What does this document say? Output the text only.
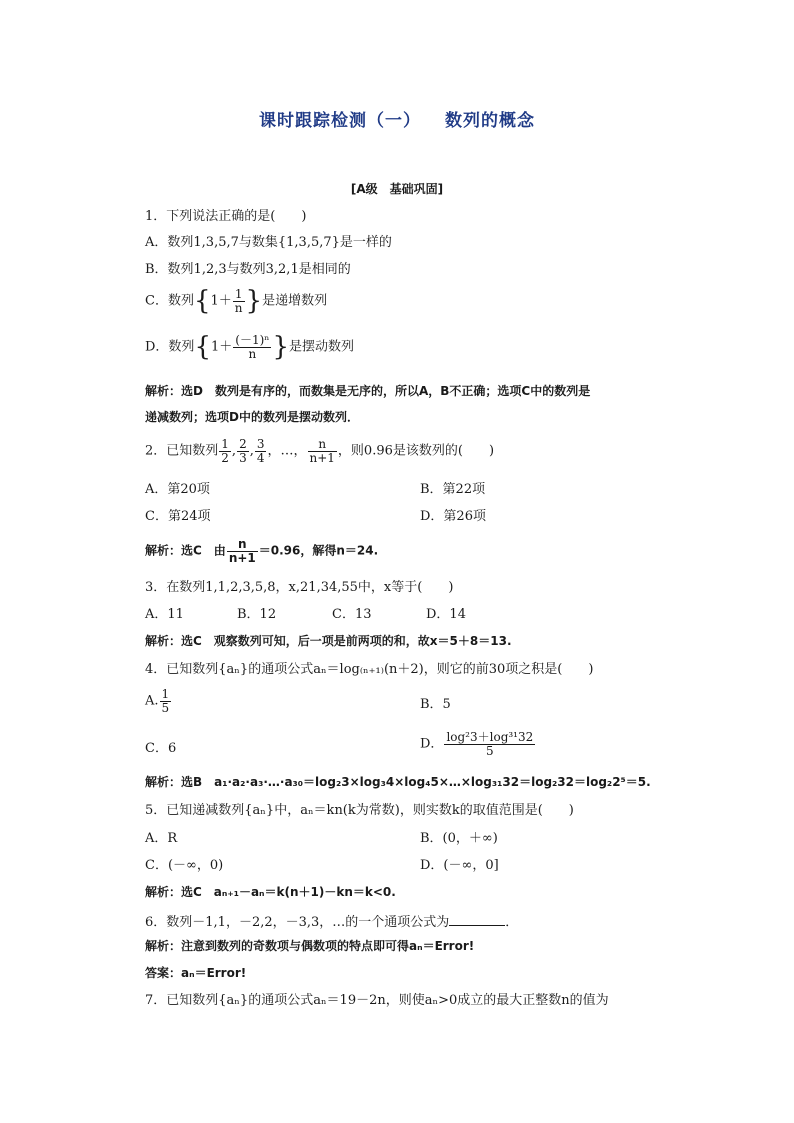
课时跟踪检测（一） 数列的概念
[A级　基础巩固]
1．下列说法正确的是(　　)
A．数列1,3,5,7与数集{1,3,5,7}是一样的
B．数列1,2,3与数列3,2,1是相同的
C．数列{$1+ \frac{1}{n}$ }是递增数列
D．数列{$1+ \frac{\text{(－1)ⁿ}}{n}$ }是摆动数列
解析：选D　数列是有序的，而数集是无序的，所以A，B不正确；选项C中的数列是
递减数列；选项D中的数列是摆动数列．
2．已知数列 $\frac{1}{2}$ , $\frac{2}{3}$ , $\frac{3}{4}$ ，…， $\frac{n}{n+1}$ ，则0.96是该数列的(　　)
A．第20项	B．第22项
C．第24项	D．第26项
解析：选C　由 $\frac{n}{n+1} =0.96$，解得n＝24.
3．在数列1,1,2,3,5,8，x,21,34,55中，x等于(　　)
A．11	B．12	C．13	D．14
解析：选C　观察数列可知，后一项是前两项的和，故x＝5＋8＝13.
4．已知数列{aₙ}的通项公式aₙ＝log₍ₙ₊₁₎(n＋2)，则它的前30项之积是(　　)
A. $\frac{1}{5}$	B．5
C．6	D． $\frac{\text{log²3＋log³¹32}}{5}$
解析：选B　a₁·a₂·a₃·…·a₃₀＝log₂3×log₃4×log₄5×…×log₃₁32＝log₂32＝log₂2⁵＝5.
5．已知递减数列{aₙ}中，aₙ＝kn(k为常数)，则实数k的取值范围是(　　)
A．R	B．(0，＋∞)
C．(－∞，0)	D．(－∞，0]
解析：选C　aₙ₊₁－aₙ＝k(n＋1)－kn＝k<0.
6．数列－1,1，－2,2，－3,3，…的一个通项公式为	．
解析：注意到数列的奇数项与偶数项的特点即可得aₙ＝Error!
答案：aₙ＝Error!
7．已知数列{aₙ}的通项公式aₙ＝19－2n，则使aₙ>0成立的最大正整数n的值为
